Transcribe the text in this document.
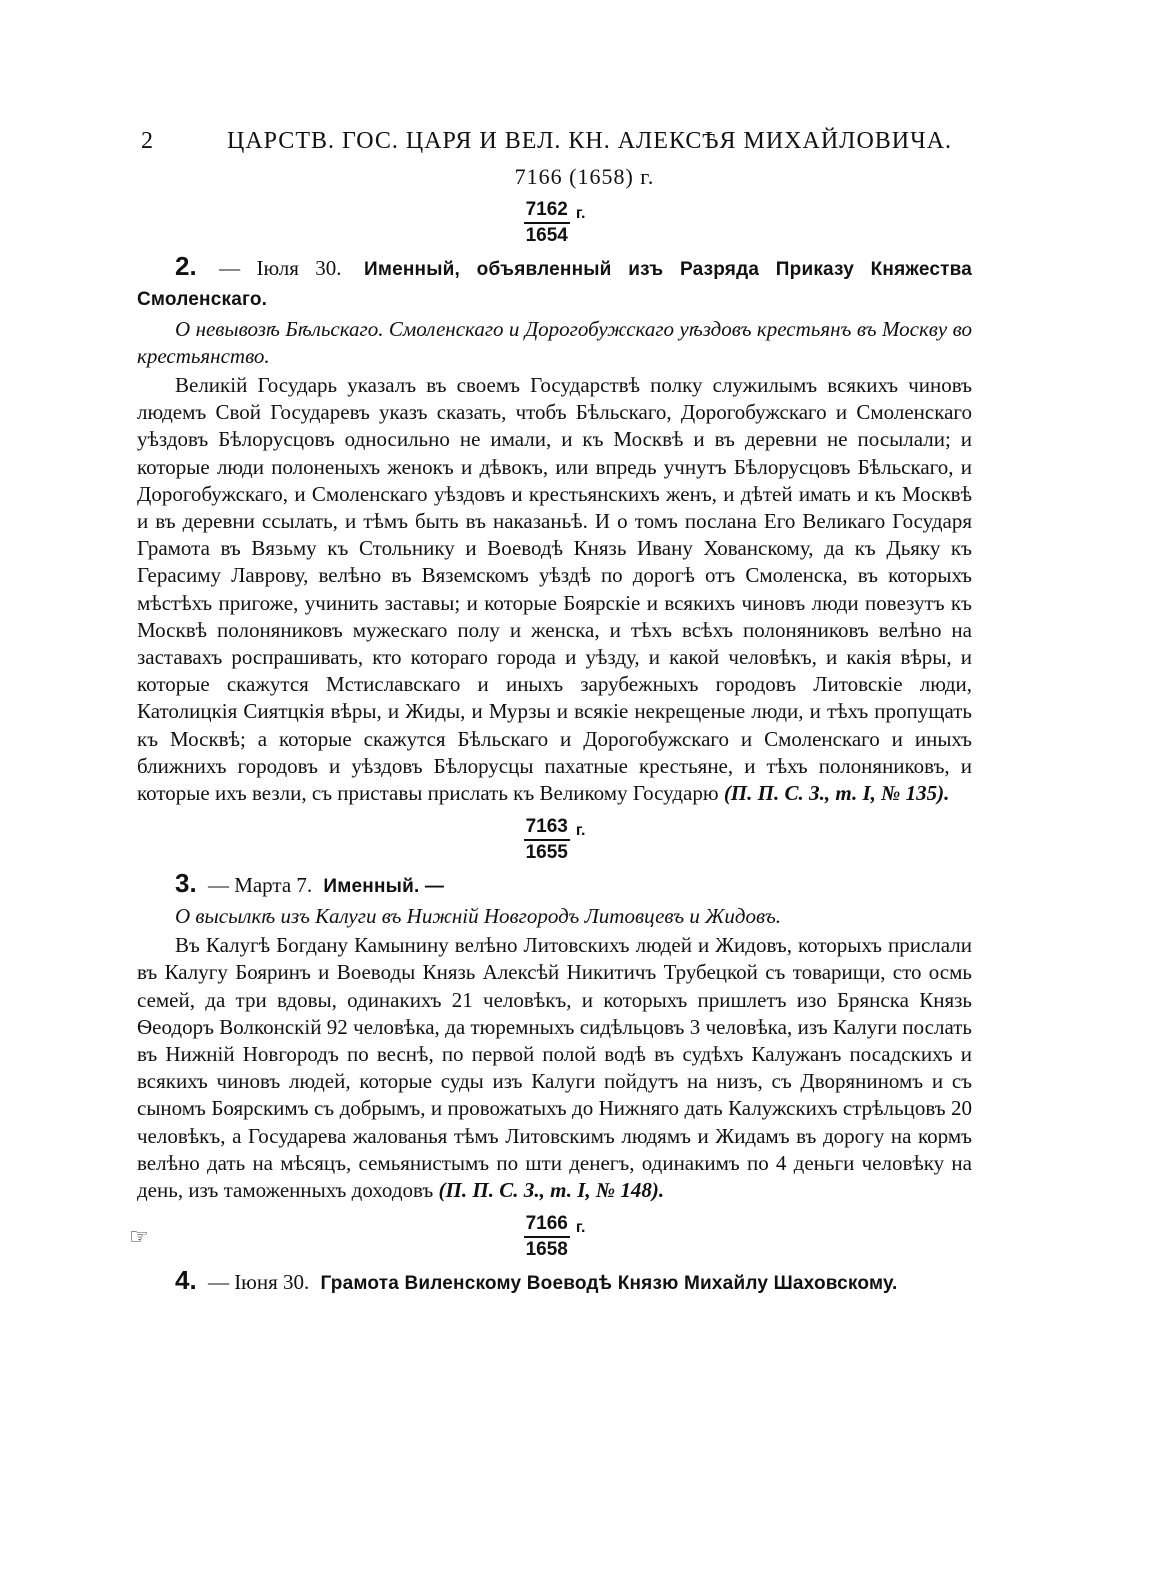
2	ЦАРСТВ. ГОС. ЦАРЯ И ВЕЛ. КН. АЛЕКСѢЯ МИХАЙЛОВИЧА.
7166 (1658) г.
$\frac{7162}{1654} г$.
2. — Іюля 30. Именный, объявленный изъ Разряда Приказу Княжества Смоленскаго.

О невывозѣ Бѣльскаго. Смоленскаго и Дорогобужскаго уѣздовъ крестьянъ въ Москву во крестьянство.

Великій Государь указалъ въ своемъ Государствѣ полку служилымъ всякихъ чиновъ людемъ Свой Государевъ указъ сказать, чтобъ Бѣльскаго, Дорогобужскаго и Смоленскаго уѣздовъ Бѣлорусцовъ односильно не имали, и къ Москвѣ и въ деревни не посылали; и которые люди полоненыхъ женокъ и дѣвокъ, или впредь учнутъ Бѣлорусцовъ Бѣльскаго, и Дорогобужскаго, и Смоленскаго уѣздовъ и крестьянскихъ женъ, и дѣтей имать и къ Москвѣ и въ деревни ссылать, и тѣмъ быть въ наказаньѣ. И о томъ послана Его Великаго Государя Грамота въ Вязьму къ Стольнику и Воеводѣ Князь Ивану Хованскому, да къ Дьяку къ Герасиму Лаврову, велѣно въ Вяземскомъ уѣздѣ по дорогѣ отъ Смоленска, въ которыхъ мѣстѣхъ пригоже, учинить заставы; и которые Боярскіе и всякихъ чиновъ люди повезутъ къ Москвѣ полоняниковъ мужескаго полу и женска, и тѣхъ всѣхъ полоняниковъ велѣно на заставахъ роспрашивать, кто котораго города и уѣзду, и какой человѣкъ, и какія вѣры, и которые скажутся Мстиславскаго и иныхъ зарубежныхъ городовъ Литовскіе люди, Католицкія Сиятцкія вѣры, и Жиды, и Мурзы и всякіе некрещеные люди, и тѣхъ пропущать къ Москвѣ; а которые скажутся Бѣльскаго и Дорогобужскаго и Смоленскаго и иныхъ ближнихъ городовъ и уѣздовъ Бѣлорусцы пахатные крестьяне, и тѣхъ полоняниковъ, и которые ихъ везли, съ приставы прислать къ Великому Государю (П. П. С. З., т. I, № 135).

$\frac{7163}{1655} г$.
3. — Марта 7. Именный. —

О высылкѣ изъ Калуги въ Нижній Новгородъ Литовцевъ и Жидовъ.

Въ Калугѣ Богдану Камынину велѣно Литовскихъ людей и Жидовъ, которыхъ прислали въ Калугу Бояринъ и Воеводы Князь Алексѣй Никитичъ Трубецкой съ товарищи, сто осмь семей, да три вдовы, одинакихъ 21 человѣкъ, и которыхъ пришлетъ изо Брянска Князь Ѳеодоръ Волконскій 92 человѣка, да тюремныхъ сидѣльцовъ 3 человѣка, изъ Калуги послать въ Нижній Новгородъ по веснѣ, по первой полой водѣ въ судѣхъ Калужанъ посадскихъ и всякихъ чиновъ людей, которые суды изъ Калуги пойдутъ на низъ, съ Дворяниномъ и съ сыномъ Боярскимъ съ добрымъ, и провожатыхъ до Нижняго дать Калужскихъ стрѣльцовъ 20 человѣкъ, а Государева жалованья тѣмъ Литовскимъ людямъ и Жидамъ въ дорогу на кормъ велѣно дать на мѣсяцъ, семьянистымъ по шти денегъ, одинакимъ по 4 деньги человѣку на день, изъ таможенныхъ доходовъ (П. П. С. З., т. I, № 148).

☞	$\frac{7166}{1658} г$.
4. — Іюня 30. Грамота Виленскому Воеводѣ Князю Михайлу Шаховскому.
